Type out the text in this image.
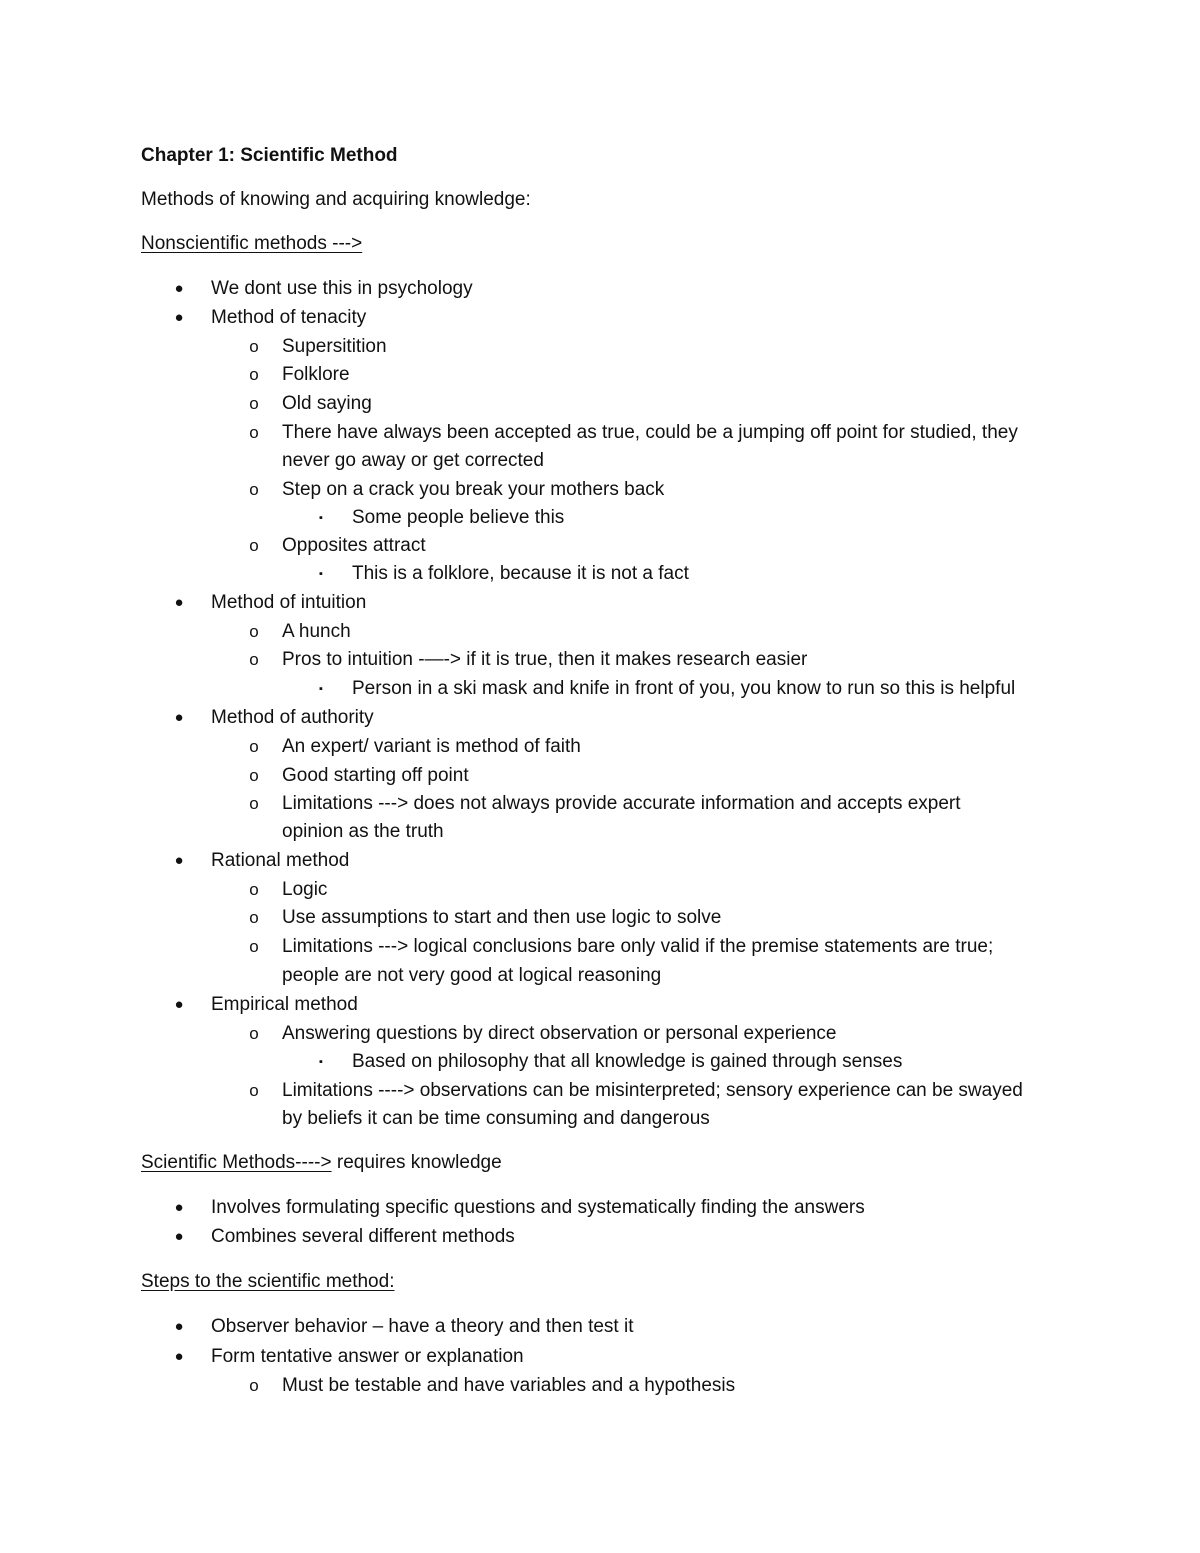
Chapter 1: Scientific Method
Methods of knowing and acquiring knowledge:
Nonscientific methods --->
● We dont use this in psychology
● Method of tenacity
o Supersitition
o Folklore
o Old saying
o There have always been accepted as true, could be a jumping off point for studied, they
never go away or get corrected
o Step on a crack you break your mothers back
▪	Some people believe this
o Opposites attract
▪	This is a folklore, because it is not a fact
● Method of intuition
o A hunch
o Pros to intuition -—-> if it is true, then it makes research easier
▪	Person in a ski mask and knife in front of you, you know to run so this is helpful
● Method of authority
o An expert/ variant is method of faith
o Good starting off point
o Limitations ---> does not always provide accurate information and accepts expert
opinion as the truth
● Rational method
o Logic
o Use assumptions to start and then use logic to solve
o Limitations ---> logical conclusions bare only valid if the premise statements are true;
people are not very good at logical reasoning
● Empirical method
o Answering questions by direct observation or personal experience
▪	Based on philosophy that all knowledge is gained through senses
o Limitations ----> observations can be misinterpreted; sensory experience can be swayed
by beliefs it can be time consuming and dangerous
Scientific Methods----> requires knowledge
● Involves formulating specific questions and systematically finding the answers
● Combines several different methods
Steps to the scientific method:
● Observer behavior – have a theory and then test it
● Form tentative answer or explanation
o Must be testable and have variables and a hypothesis
